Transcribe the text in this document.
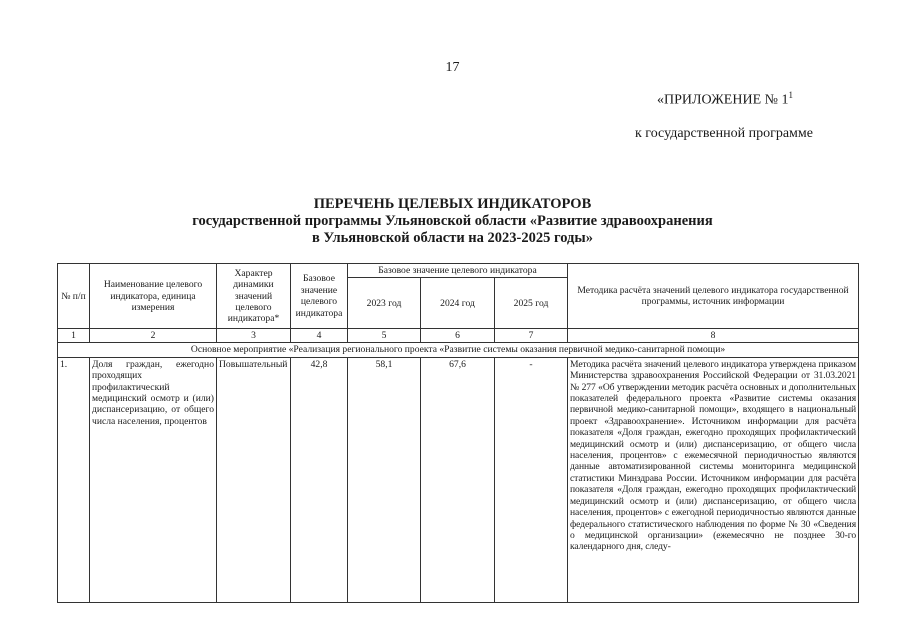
17
«ПРИЛОЖЕНИЕ № $1^1$
к государственной программе
ПЕРЕЧЕНЬ ЦЕЛЕВЫХ ИНДИКАТОРОВ
государственной программы Ульяновской области «Развитие здравоохранения
в Ульяновской области на 2023-2025 годы»
№ п/п	Наименование целевого индикатора, единица измерения	Характер динамики значений целевого индикатора*	Базовое значение целевого индикатора	Базовое значение целевого индикатора			Методика расчёта значений целевого индикатора государственной программы, источник информации
				2023 год	2024 год	2025 год	
1	2	3	4	5	6	7	8
Основное мероприятие «Реализация регионального проекта «Развитие системы оказания первичной медико-санитарной помощи»							
1.	Доля граждан, ежегодно проходящих профилактический медицинский осмотр и (или) диспансеризацию, от общего числа населения, процентов	Повышательный	42,8	58,1	67,6	-	Методика расчёта значений целевого индикатора утверждена приказом Министерства здравоохранения Российской Федерации от 31.03.2021 № 277 «Об утверждении методик расчёта основных и дополнительных показателей федерального проекта «Развитие системы оказания первичной медико-санитарной помощи», входящего в национальный проект «Здравоохранение». Источником информации для расчёта показателя «Доля граждан, ежегодно проходящих профилактический медицинский осмотр и (или) диспансеризацию, от общего числа населения, процентов» с ежемесячной периодичностью являются данные автоматизированной системы мониторинга медицинской статистики Минздрава России. Источником информации для расчёта показателя «Доля граждан, ежегодно проходящих профилактический медицинский осмотр и (или) диспансеризацию, от общего числа населения, процентов» с ежегодной периодичностью являются данные федерального статистического наблюдения по форме № 30 «Сведения о медицинской организации» (ежемесячно не позднее 30-го календарного дня, следу-
